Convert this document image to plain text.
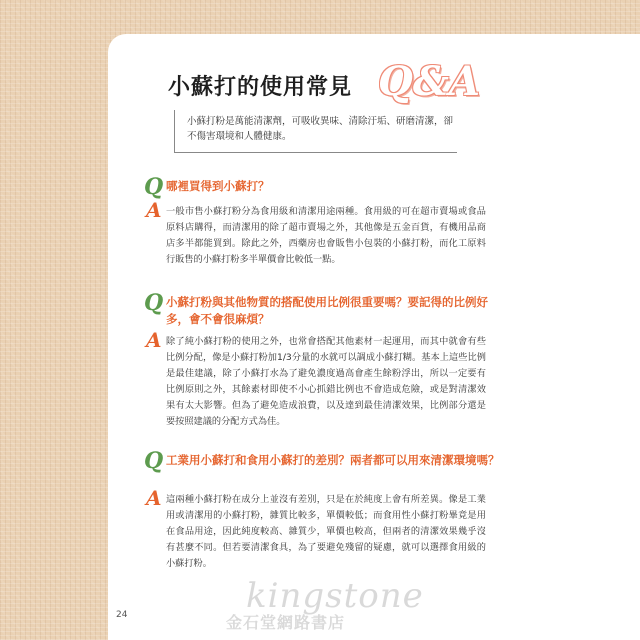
小蘇打的使用常見 Q&A
小蘇打粉是萬能清潔劑，可吸收異味、清除汙垢、研磨清潔，卻不傷害環境和人體健康。
Q 哪裡買得到小蘇打？
A 一般市售小蘇打粉分為食用級和清潔用途兩種。食用級的可在超市賣場或食品原料店購得，而清潔用的除了超市賣場之外，其他像是五金百貨，有機用品商店多半都能買到。除此之外，西藥房也會販售小包裝的小蘇打粉，而化工原料行販售的小蘇打粉多半單價會比較低一點。
Q 小蘇打粉與其他物質的搭配使用比例很重要嗎？要記得的比例好多，會不會很麻煩？
A 除了純小蘇打粉的使用之外，也常會搭配其他素材一起運用，而其中就會有些比例分配，像是小蘇打粉加1/3分量的水就可以調成小蘇打糊。基本上這些比例是最佳建議，除了小蘇打水為了避免濃度過高會產生餘粉浮出，所以一定要有比例原則之外，其餘素材即使不小心抓錯比例也不會造成危險，或是對清潔效果有太大影響。但為了避免造成浪費，以及達到最佳清潔效果，比例部分還是要按照建議的分配方式為佳。
Q 工業用小蘇打和食用小蘇打的差別？兩者都可以用來清潔環境嗎？
A 這兩種小蘇打粉在成分上並沒有差別，只是在於純度上會有所差異。像是工業用或清潔用的小蘇打粉，雜質比較多，單價較低；而食用性小蘇打粉畢竟是用在食品用途，因此純度較高、雜質少，單價也較高，但兩者的清潔效果幾乎沒有甚麼不同。但若要清潔食具，為了要避免殘留的疑慮，就可以選擇食用級的小蘇打粉。
24	kingstone
金石堂網路書店
